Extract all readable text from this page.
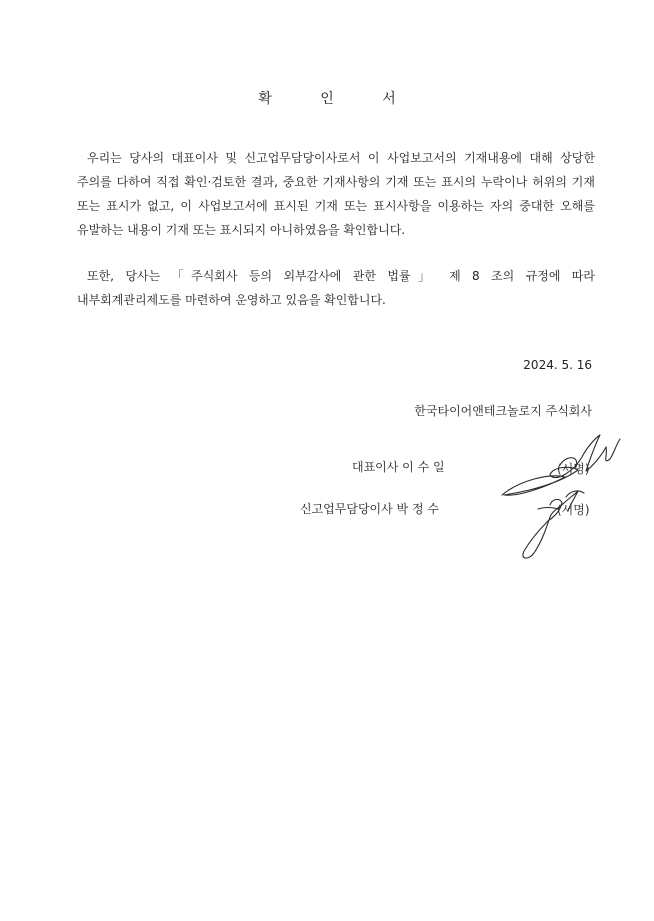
확	인	서
우리는 당사의 대표이사 및 신고업무담당이사로서 이 사업보고서의 기재내용에 대해 상당한 주의를 다하여 직접 확인·검토한 결과, 중요한 기재사항의 기재 또는 표시의 누락이나 허위의 기재 또는 표시가 없고, 이 사업보고서에 표시된 기재 또는 표시사항을 이용하는 자의 중대한 오해를 유발하는 내용이 기재 또는 표시되지 아니하였음을 확인합니다.
또한, 당사는 「주식회사 등의 외부감사에 관한 법률」 제 8 조의 규정에 따라 내부회계관리제도를 마련하여 운영하고 있음을 확인합니다.
2024. 5. 16
한국타이어앤테크놀로지 주식회사
대표이사 이 수 일	(서명)
신고업무담당이사 박 정 수	(서명)
